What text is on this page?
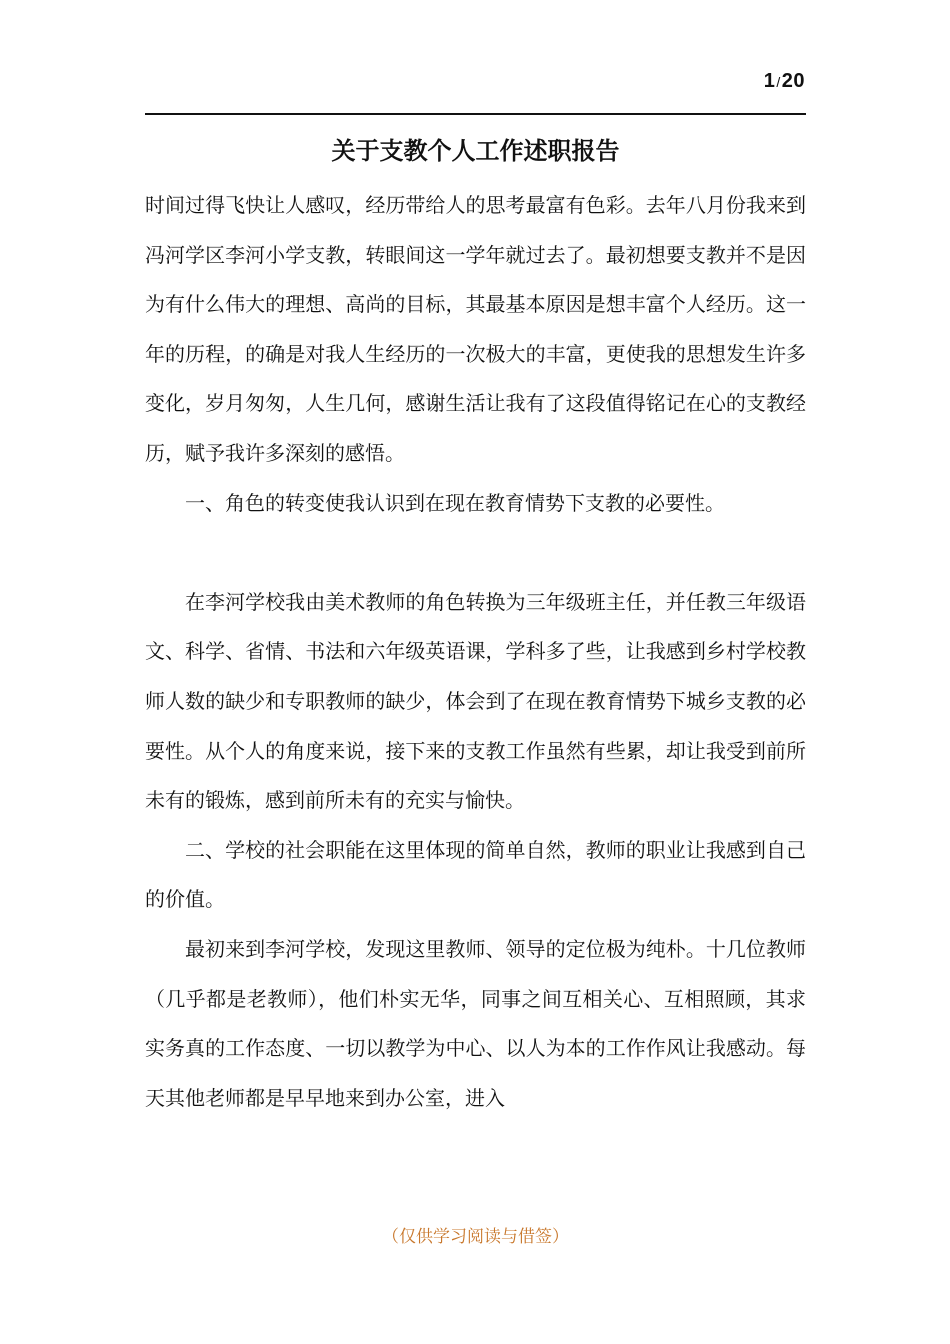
1/20
关于支教个人工作述职报告

时间过得飞快让人感叹，经历带给人的思考最富有色彩。去年八月份我来到冯河学区李河小学支教，转眼间这一学年就过去了。最初想要支教并不是因为有什么伟大的理想、高尚的目标，其最基本原因是想丰富个人经历。这一年的历程，的确是对我人生经历的一次极大的丰富，更使我的思想发生许多变化，岁月匆匆，人生几何，感谢生活让我有了这段值得铭记在心的支教经历，赋予我许多深刻的感悟。

一、角色的转变使我认识到在现在教育情势下支教的必要性。

在李河学校我由美术教师的角色转换为三年级班主任，并任教三年级语文、科学、省情、书法和六年级英语课，学科多了些，让我感到乡村学校教师人数的缺少和专职教师的缺少，体会到了在现在教育情势下城乡支教的必要性。从个人的角度来说，接下来的支教工作虽然有些累，却让我受到前所未有的锻炼，感到前所未有的充实与愉快。

二、学校的社会职能在这里体现的简单自然，教师的职业让我感到自己的价值。

最初来到李河学校，发现这里教师、领导的定位极为纯朴。十几位教师（几乎都是老教师），他们朴实无华，同事之间互相关心、互相照顾，其求实务真的工作态度、一切以教学为中心、以人为本的工作作风让我感动。每天其他老师都是早早地来到办公室，进入

（仅供学习阅读与借签）
